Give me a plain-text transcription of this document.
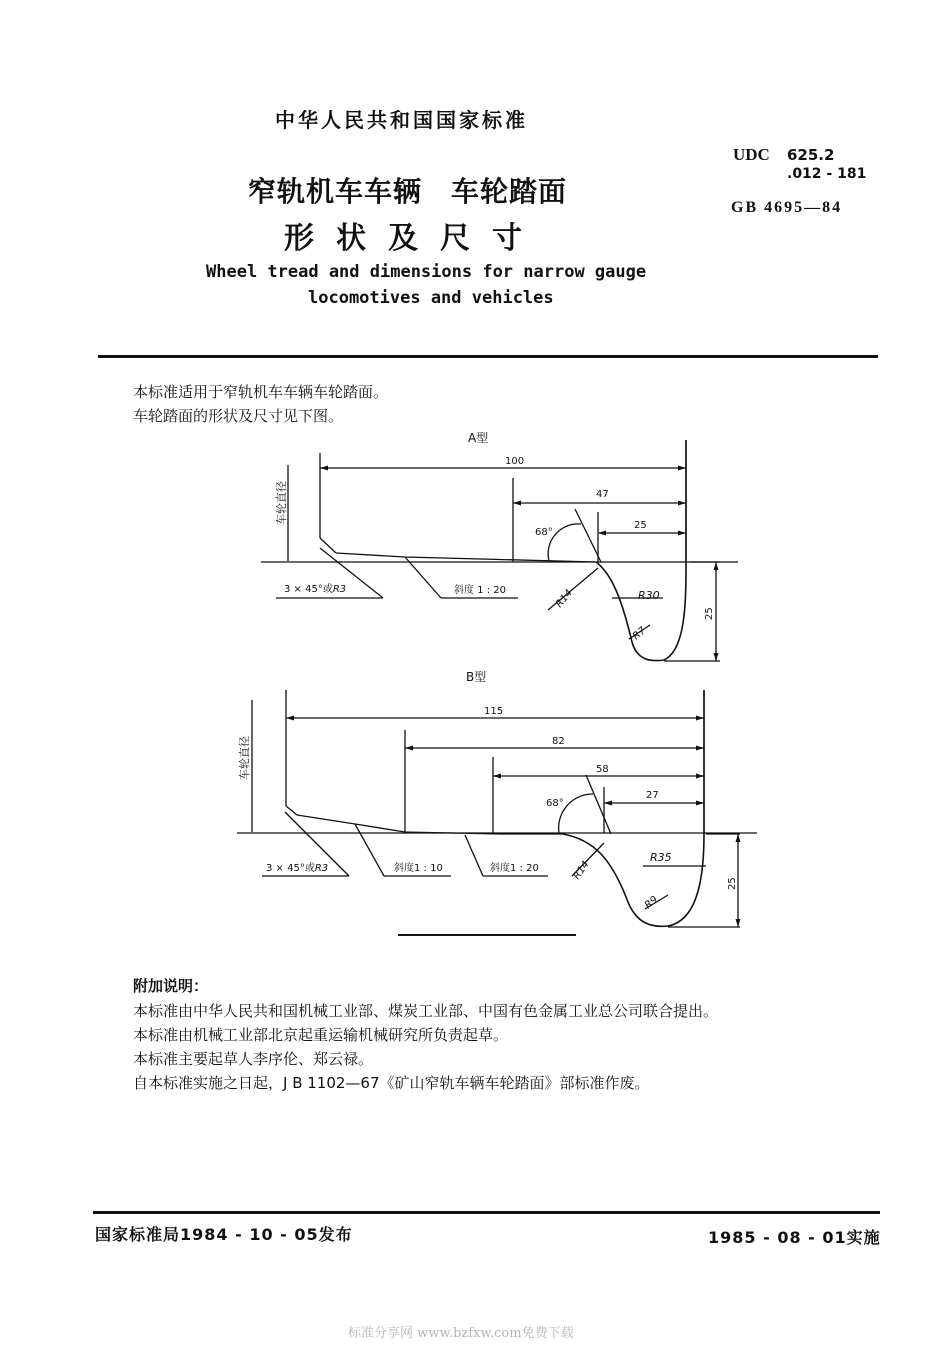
中华人民共和国国家标准
窄轨机车车辆　车轮踏面
形状及尺寸
Wheel tread and dimensions for narrow gauge
locomotives and vehicles
UDC 625.2
.012 - 181
GB 4695—84
本标准适用于窄轨机车车辆车轮踏面。
车轮踏面的形状及尺寸见下图。
A型
车轮直径
100
47
25
68°
3 × 45°或R3	斜度 1 : 20	R14	R30
R7
25
B型
车轮直径
115
82
58
27
68°
3 × 45°或R3	斜度1 : 10	斜度1 : 20	R14
R35
R9
25
附加说明：
本标准由中华人民共和国机械工业部、煤炭工业部、中国有色金属工业总公司联合提出。
本标准由机械工业部北京起重运输机械研究所负责起草。
本标准主要起草人李序伦、郑云禄。
自本标准实施之日起，J B 1102—67《矿山窄轨车辆车轮踏面》部标准作废。
国家标准局1984 - 10 - 05发布	1985 - 08 - 01实施
标准分享网 www.bzfxw.com免费下载
